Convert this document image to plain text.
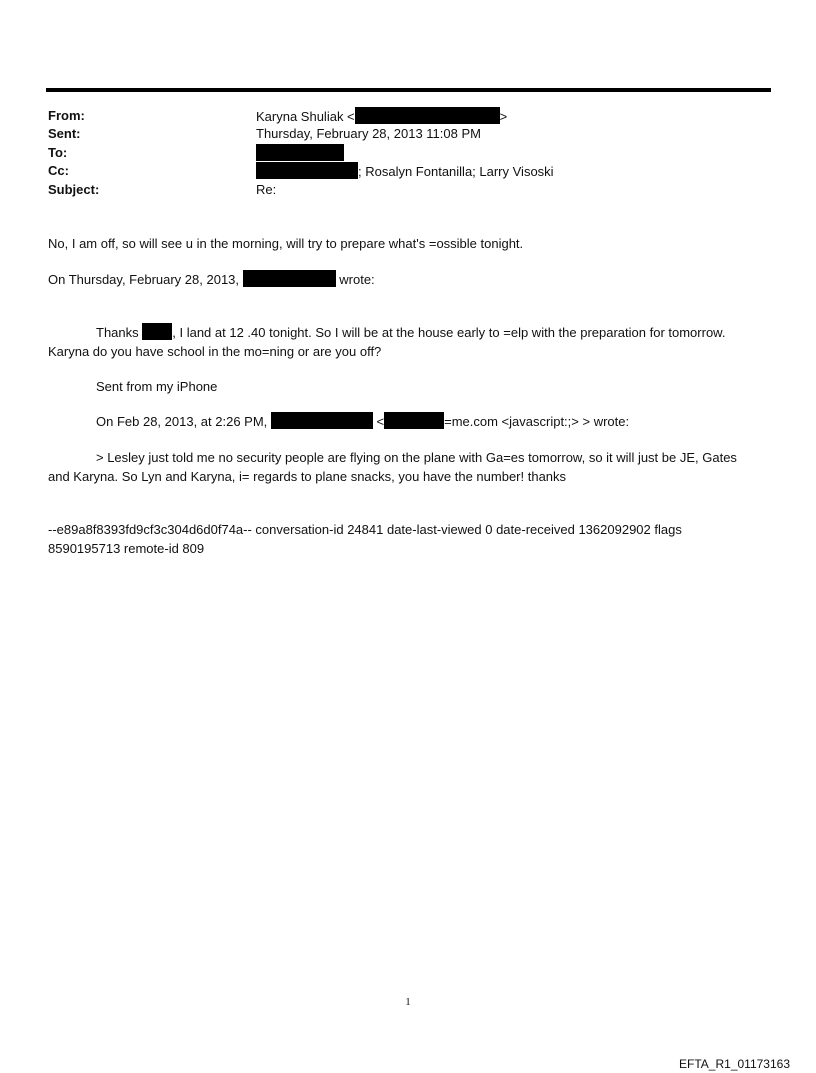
From:	Karyna Shuliak <	>
Sent:	Thursday, February 28, 2013 11:08 PM
To:
Cc:	; Rosalyn Fontanilla; Larry Visoski
Subject:	Re:
No, I am off, so will see u in the morning, will try to prepare what's =ossible tonight.
On Thursday, February 28, 2013,	wrote:
Thanks	, I land at 12 .40 tonight. So I will be at the house early to =elp with the preparation for tomorrow.
Karyna do you have school in the mo=ning or are you off?
Sent from my iPhone
On Feb 28, 2013, at 2:26 PM,	<	=me.com <javascript:;> > wrote:
> Lesley just told me no security people are flying on the plane with Ga=es tomorrow, so it will just be JE, Gates
and Karyna. So Lyn and Karyna, i= regards to plane snacks, you have the number! thanks
--e89a8f8393fd9cf3c304d6d0f74a-- conversation-id 24841 date-last-viewed 0 date-received 1362092902 flags
8590195713 remote-id 809
1
EFTA_R1_01173163
